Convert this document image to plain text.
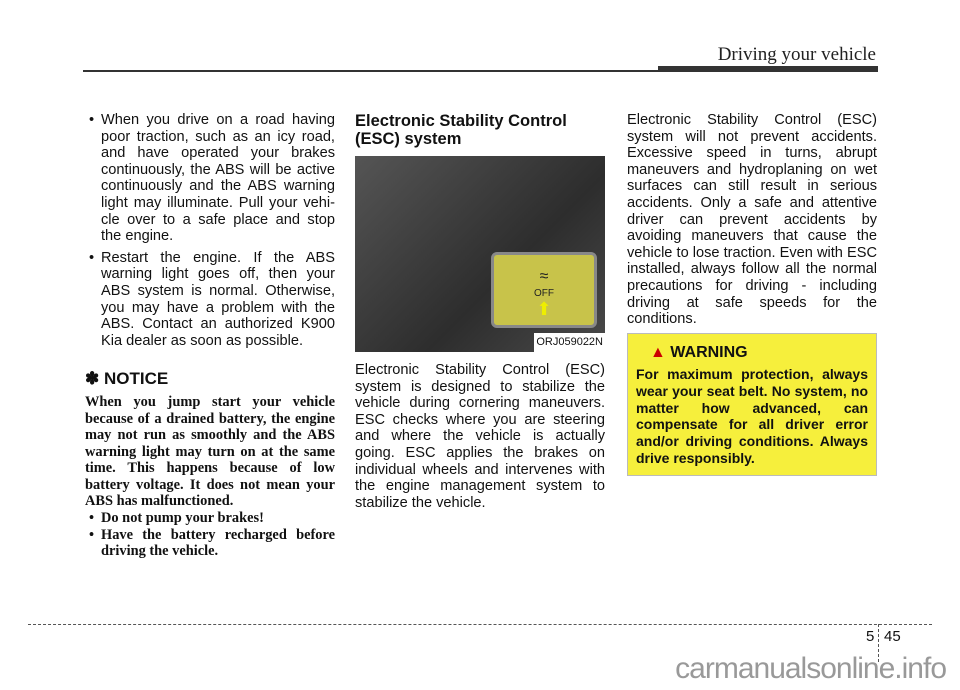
Driving your vehicle
• When you drive on a road having poor traction, such as an icy road, and have operated your brakes continuously, the ABS will be active continuously and the ABS warning light may illuminate. Pull your vehi-cle over to a safe place and stop the engine.
• Restart the engine. If the ABS warning light goes off, then your ABS system is normal. Otherwise, you may have a problem with the ABS. Contact an authorized K900 Kia dealer as soon as possible.
✽ NOTICE

When you jump start your vehicle because of a drained battery, the engine may not run as smoothly and the ABS warning light may turn on at the same time. This happens because of low battery voltage. It does not mean your ABS has malfunctioned.

• Do not pump your brakes!
• Have the battery recharged before driving the vehicle.
Electronic Stability Control (ESC) system
≈
OFF
⬆
ORJ059022N

Electronic Stability Control (ESC) system is designed to stabilize the vehicle during cornering maneuvers. ESC checks where you are steering and where the vehicle is actually going. ESC applies the brakes on individual wheels and intervenes with the engine management system to stabilize the vehicle.

Electronic Stability Control (ESC) system will not prevent accidents. Excessive speed in turns, abrupt maneuvers and hydroplaning on wet surfaces can still result in serious accidents. Only a safe and attentive driver can prevent accidents by avoiding maneuvers that cause the vehicle to lose traction. Even with ESC installed, always follow all the normal precautions for driving - including driving at safe speeds for the conditions.

▲ WARNING

For maximum protection, always wear your seat belt. No system, no matter how advanced, can compensate for all driver error and/or driving conditions. Always drive responsibly.

5 45
carmanualsonline.info
